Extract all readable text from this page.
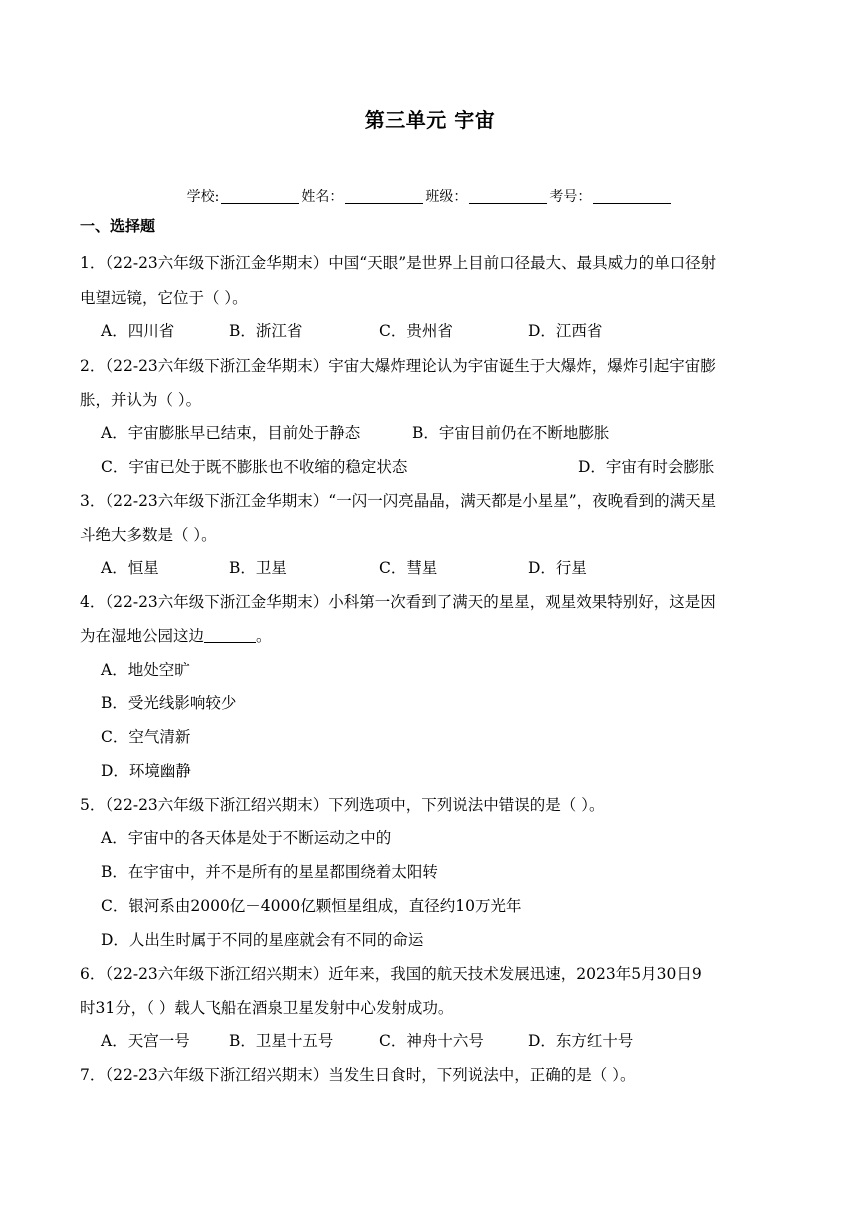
第三单元 宇宙
学校:	姓名：	班级：	考号：
一、选择题
1．（22-23六年级下浙江金华期末）中国“天眼”是世界上目前口径最大、最具威力的单口径射
电望远镜，它位于（ ）。
A．四川省	B．浙江省	C．贵州省	D．江西省
2．（22-23六年级下浙江金华期末）宇宙大爆炸理论认为宇宙诞生于大爆炸，爆炸引起宇宙膨
胀，并认为（ ）。
A．宇宙膨胀早已结束，目前处于静态	B．宇宙目前仍在不断地膨胀
C．宇宙已处于既不膨胀也不收缩的稳定状态	D．宇宙有时会膨胀
3．（22-23六年级下浙江金华期末）“一闪一闪亮晶晶，满天都是小星星”，夜晚看到的满天星
斗绝大多数是（ ）。
A．恒星	B．卫星	C．彗星	D．行星
4．（22-23六年级下浙江金华期末）小科第一次看到了满天的星星，观星效果特别好，这是因
为在湿地公园这边	。
A．地处空旷
B．受光线影响较少
C．空气清新
D．环境幽静
5．（22-23六年级下浙江绍兴期末）下列选项中，下列说法中错误的是（ ）。
A．宇宙中的各天体是处于不断运动之中的
B．在宇宙中，并不是所有的星星都围绕着太阳转
C．银河系由2000亿－4000亿颗恒星组成，直径约10万光年
D．人出生时属于不同的星座就会有不同的命运
6．（22-23六年级下浙江绍兴期末）近年来，我国的航天技术发展迅速，2023年5月30日9
时31分，（ ）载人飞船在酒泉卫星发射中心发射成功。
A．天宫一号	B．卫星十五号	C．神舟十六号	D．东方红十号
7．（22-23六年级下浙江绍兴期末）当发生日食时，下列说法中，正确的是（ ）。
